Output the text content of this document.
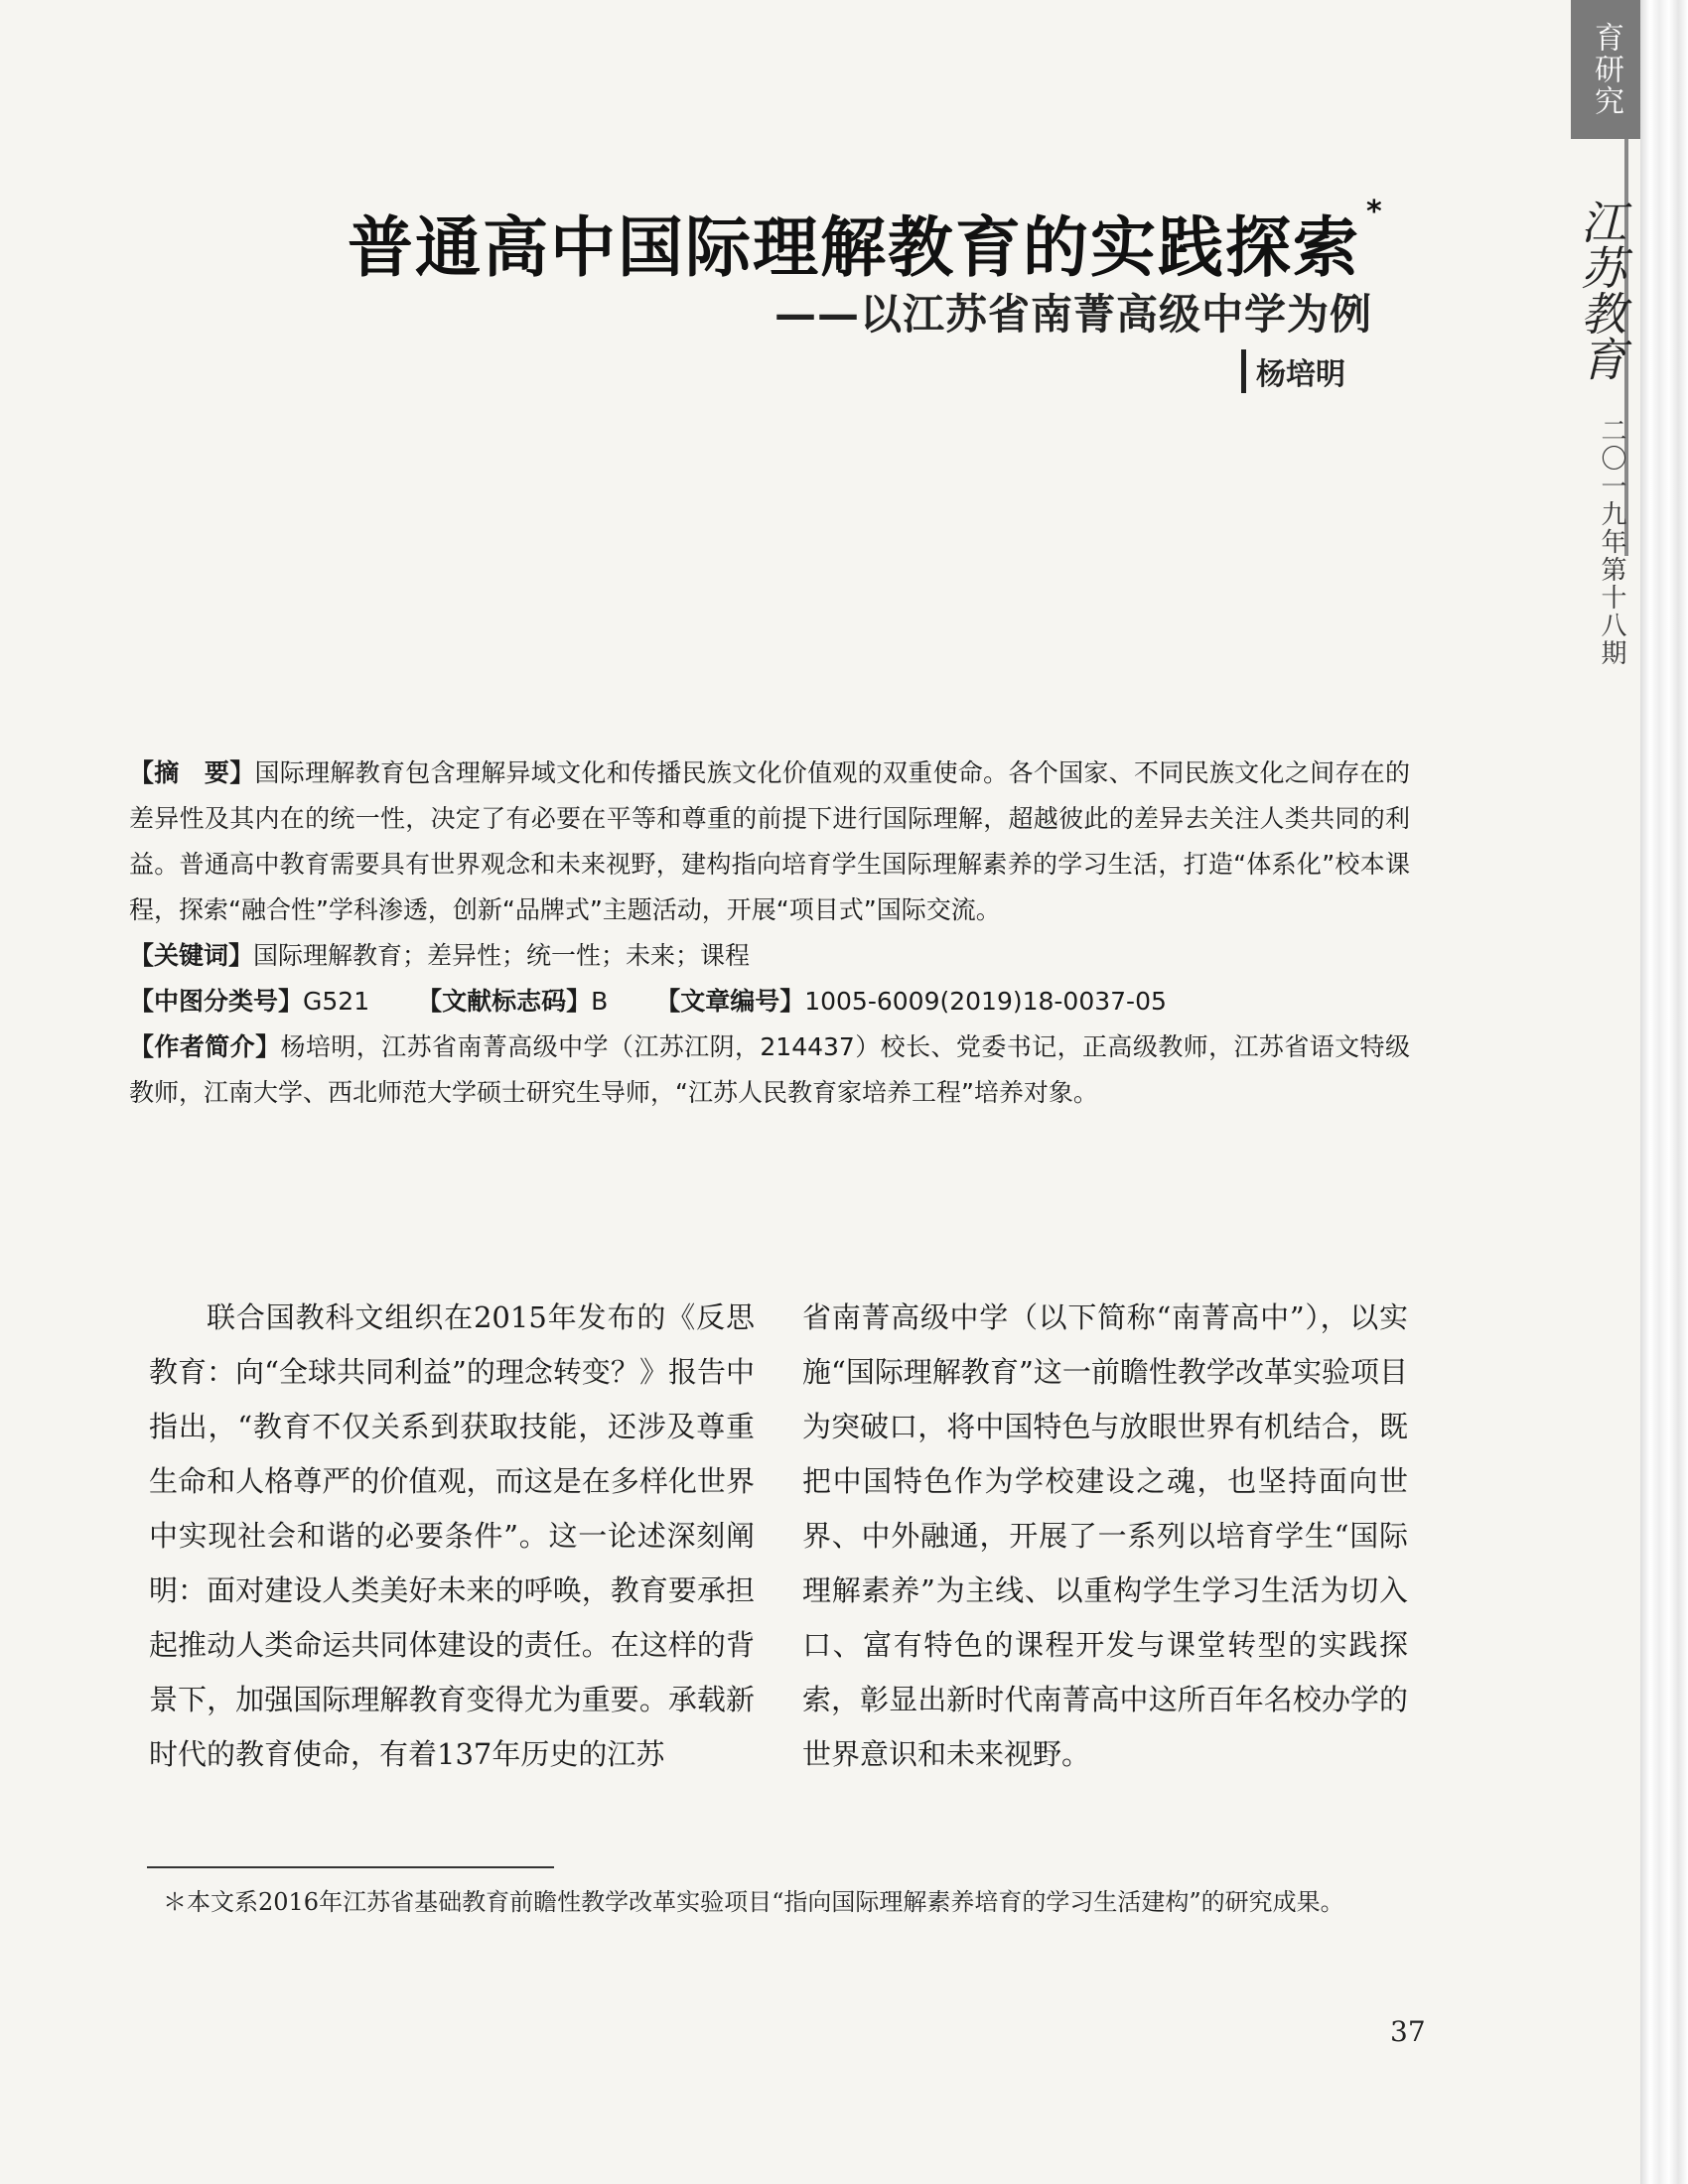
育研究
江苏教育
二〇一九年第十八期
普通高中国际理解教育的实践探索 *
——以江苏省南菁高级中学为例
杨培明

【摘　要】国际理解教育包含理解异域文化和传播民族文化价值观的双重使命。各个国家、不同民族文化之间存在的差异性及其内在的统一性，决定了有必要在平等和尊重的前提下进行国际理解，超越彼此的差异去关注人类共同的利益。普通高中教育需要具有世界观念和未来视野，建构指向培育学生国际理解素养的学习生活，打造“体系化”校本课程，探索“融合性”学科渗透，创新“品牌式”主题活动，开展“项目式”国际交流。

【关键词】国际理解教育；差异性；统一性；未来；课程

【中图分类号】G521 【文献标志码】B 【文章编号】1005-6009(2019)18-0037-05

【作者简介】杨培明，江苏省南菁高级中学（江苏江阴，214437）校长、党委书记，正高级教师，江苏省语文特级教师，江南大学、西北师范大学硕士研究生导师，“江苏人民教育家培养工程”培养对象。

联合国教科文组织在2015年发布的《反思教育：向“全球共同利益”的理念转变？》报告中指出，“教育不仅关系到获取技能，还涉及尊重生命和人格尊严的价值观，而这是在多样化世界中实现社会和谐的必要条件”。这一论述深刻阐明：面对建设人类美好未来的呼唤，教育要承担起推动人类命运共同体建设的责任。在这样的背景下，加强国际理解教育变得尤为重要。承载新时代的教育使命，有着137年历史的江苏

省南菁高级中学（以下简称“南菁高中”），以实施“国际理解教育”这一前瞻性教学改革实验项目为突破口，将中国特色与放眼世界有机结合，既把中国特色作为学校建设之魂，也坚持面向世界、中外融通，开展了一系列以培育学生“国际理解素养”为主线、以重构学生学习生活为切入口、富有特色的课程开发与课堂转型的实践探索，彰显出新时代南菁高中这所百年名校办学的世界意识和未来视野。

＊本文系2016年江苏省基础教育前瞻性教学改革实验项目“指向国际理解素养培育的学习生活建构”的研究成果。

37
